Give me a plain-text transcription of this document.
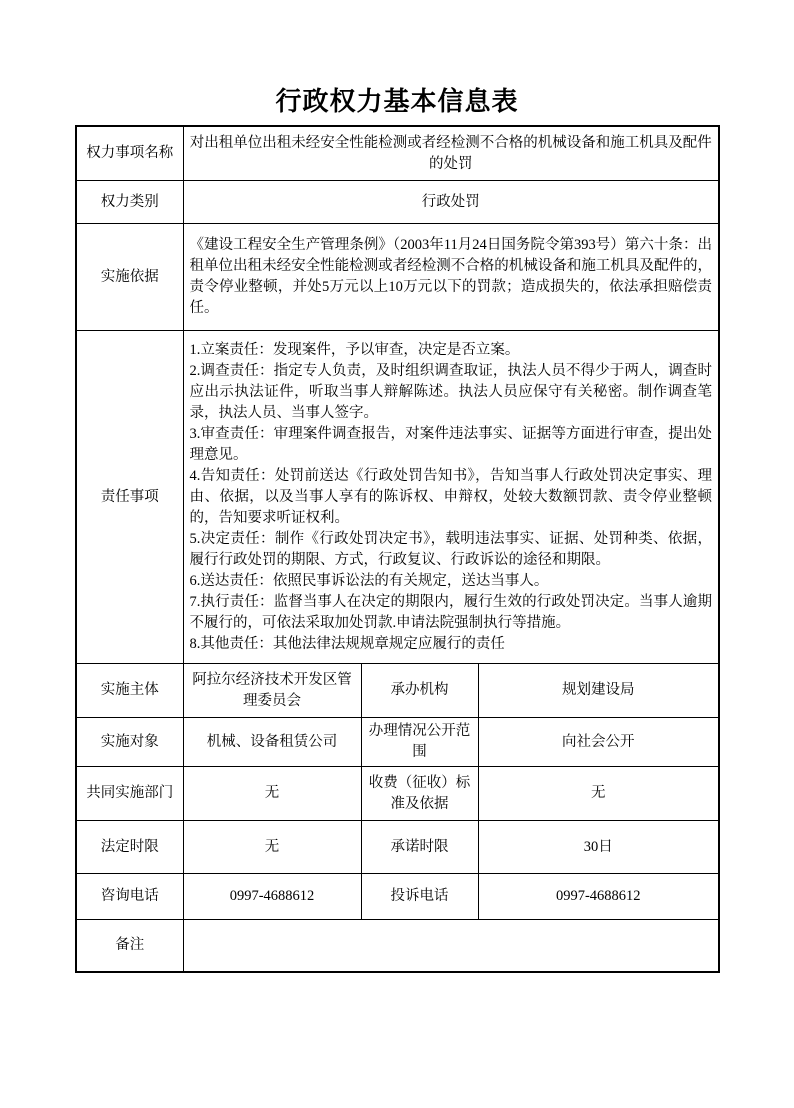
行政权力基本信息表
权力事项名称	对出租单位出租未经安全性能检测或者经检测不合格的机械设备和施工机具及配件的处罚		
权力类别	行政处罚		
实施依据	《建设工程安全生产管理条例》（2003年11月24日国务院令第393号）第六十条：出租单位出租未经安全性能检测或者经检测不合格的机械设备和施工机具及配件的，责令停业整顿，并处5万元以上10万元以下的罚款；造成损失的，依法承担赔偿责任。		
责任事项	
1.立案责任：发现案件，予以审查，决定是否立案。
2.调查责任：指定专人负责，及时组织调查取证，执法人员不得少于两人，调查时应出示执法证件，听取当事人辩解陈述。执法人员应保守有关秘密。制作调查笔录，执法人员、当事人签字。
3.审查责任：审理案件调查报告，对案件违法事实、证据等方面进行审查，提出处理意见。
4.告知责任：处罚前送达《行政处罚告知书》，告知当事人行政处罚决定事实、理由、依据，以及当事人享有的陈诉权、申辩权，处较大数额罚款、责令停业整顿的，告知要求听证权利。
5.决定责任：制作《行政处罚决定书》，载明违法事实、证据、处罚种类、依据，履行行政处罚的期限、方式，行政复议、行政诉讼的途径和期限。
6.送达责任：依照民事诉讼法的有关规定，送达当事人。
7.执行责任：监督当事人在决定的期限内，履行生效的行政处罚决定。当事人逾期不履行的，可依法采取加处罚款.申请法院强制执行等措施。
8.其他责任：其他法律法规规章规定应履行的责任

实施主体	阿拉尔经济技术开发区管理委员会	承办机构	规划建设局
实施对象	机械、设备租赁公司	办理情况公开范围	向社会公开
共同实施部门	无	收费（征收）标准及依据	无
法定时限	无	承诺时限	30日
咨询电话	0997-4688612	投诉电话	0997-4688612
备注			
